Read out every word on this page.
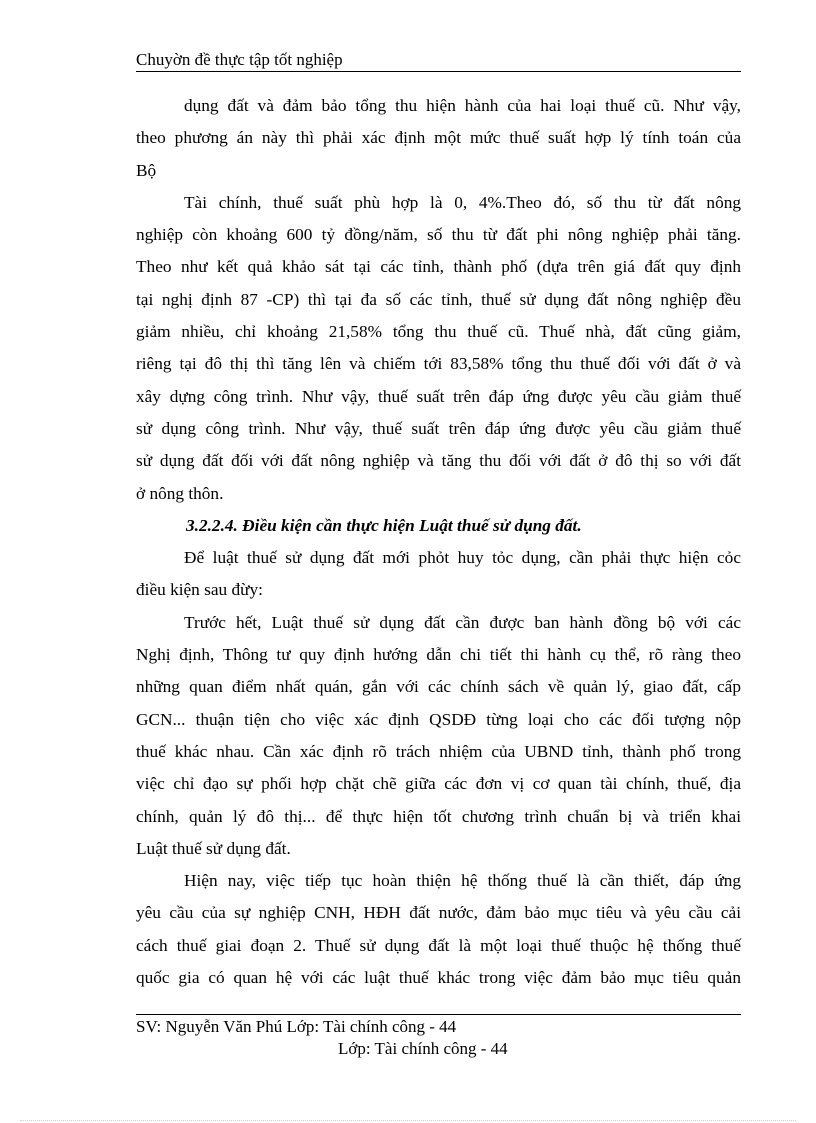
Chuyờn đề thực tập tốt nghiệp
dụng đất và đảm bảo tổng thu hiện hành của hai loại thuế cũ. Như vậy,
theo phương án này thì phải xác định một mức thuế suất hợp lý tính toán của
Bộ
Tài chính, thuế suất phù hợp là 0, 4%.Theo đó, số thu từ đất nông
nghiệp còn khoảng 600 tỷ đồng/năm, số thu từ đất phi nông nghiệp phải tăng.
Theo như kết quả khảo sát tại các tỉnh, thành phố (dựa trên giá đất quy định
tại nghị định 87 -CP) thì tại đa số các tỉnh, thuế sử dụng đất nông nghiệp đều
giảm nhiều, chỉ khoảng 21,58% tổng thu thuế cũ. Thuế nhà, đất cũng giảm,
riêng tại đô thị thì tăng lên và chiếm tới 83,58% tổng thu thuế đối với đất ở và
xây dựng công trình. Như vậy, thuế suất trên đáp ứng được yêu cầu giảm thuế
sử dụng công trình. Như vậy, thuế suất trên đáp ứng được yêu cầu giảm thuế
sử dụng đất đối với đất nông nghiệp và tăng thu đối với đất ở đô thị so với đất
ở nông thôn.
3.2.2.4. Điều kiện cần thực hiện Luật thuế sử dụng đất.
Để luật thuế sử dụng đất mới phỏt huy tỏc dụng, cần phải thực hiện cỏc
điều kiện sau đừy:
Trước hết, Luật thuế sử dụng đất cần được ban hành đồng bộ với các
Nghị định, Thông tư quy định hướng dẫn chi tiết thi hành cụ thể, rõ ràng theo
những quan điểm nhất quán, gắn với các chính sách về quản lý, giao đất, cấp
GCN... thuận tiện cho việc xác định QSDĐ từng loại cho các đối tượng nộp
thuế khác nhau. Cần xác định rõ trách nhiệm của UBND tỉnh, thành phố trong
việc chỉ đạo sự phối hợp chặt chẽ giữa các đơn vị cơ quan tài chính, thuế, địa
chính, quản lý đô thị... để thực hiện tốt chương trình chuẩn bị và triển khai
Luật thuế sử dụng đất.
Hiện nay, việc tiếp tục hoàn thiện hệ thống thuế là cần thiết, đáp ứng
yêu cầu của sự nghiệp CNH, HĐH đất nước, đảm bảo mục tiêu và yêu cầu cải
cách thuế giai đoạn 2. Thuế sử dụng đất là một loại thuế thuộc hệ thống thuế
quốc gia có quan hệ với các luật thuế khác trong việc đảm bảo mục tiêu quản
SV: Nguyễn Văn Phú Lớp: Tài chính công - 44
Lớp: Tài chính công - 44
